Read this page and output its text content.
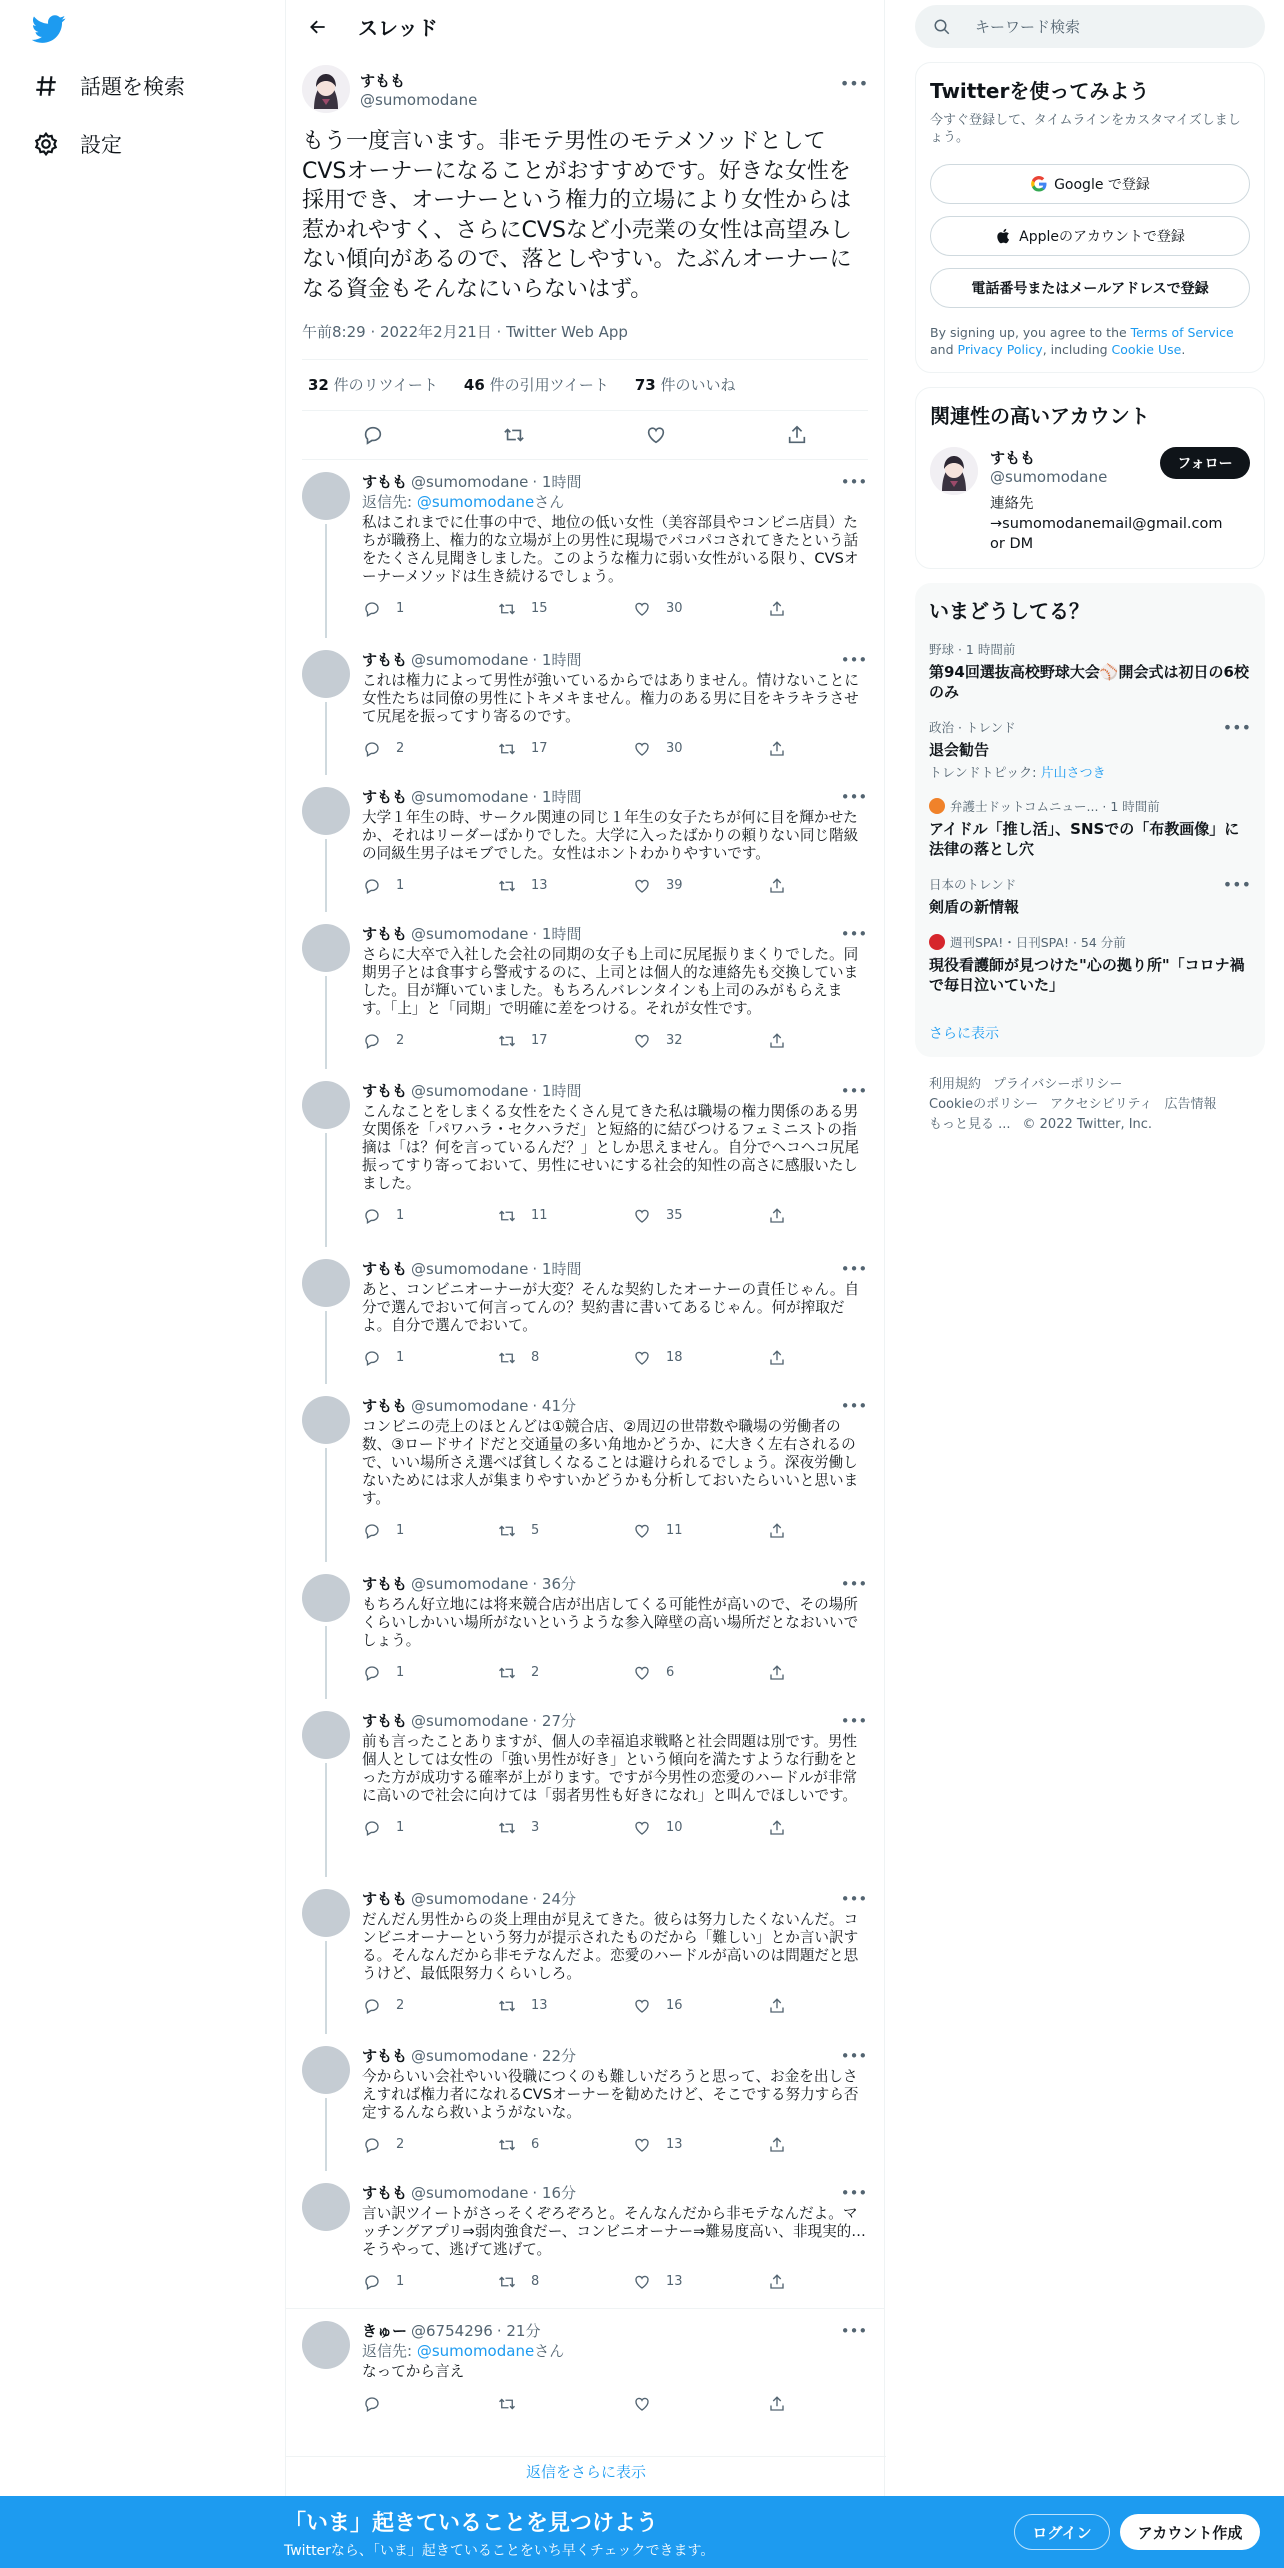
話題を検索
設定
スレッド
すもも
@sumomodane
•••
もう一度言います。非モテ男性のモテメソッドとしてCVSオーナーになることがおすすめです。好きな女性を採用でき、オーナーという権力的立場により女性からは惹かれやすく、さらにCVSなど小売業の女性は高望みしない傾向があるので、落としやすい。たぶんオーナーになる資金もそんなにいらないはず。
午前8:29 · 2022年2月21日 · Twitter Web App
32 件のリツイート 46 件の引用ツイート 73 件のいいね
すもも @sumomodane · 1時間	•••
返信先: @sumomodaneさん
私はこれまでに仕事の中で、地位の低い女性（美容部員やコンビニ店員）たちが職務上、権力的な立場が上の男性に現場でパコパコされてきたという話をたくさん見聞きしました。このような権力に弱い女性がいる限り、CVSオーナーメソッドは生き続けるでしょう。
1	15	30
すもも @sumomodane · 1時間	•••
これは権力によって男性が強いているからではありません。情けないことに女性たちは同僚の男性にトキメキません。権力のある男に目をキラキラさせて尻尾を振ってすり寄るのです。
2	17	30
すもも @sumomodane · 1時間	•••
大学１年生の時、サークル関連の同じ１年生の女子たちが何に目を輝かせたか、それはリーダーばかりでした。大学に入ったばかりの頼りない同じ階級の同級生男子はモブでした。女性はホントわかりやすいです。
1	13	39
すもも @sumomodane · 1時間	•••
さらに大卒で入社した会社の同期の女子も上司に尻尾振りまくりでした。同期男子とは食事すら警戒するのに、上司とは個人的な連絡先も交換していました。目が輝いていました。もちろんバレンタインも上司のみがもらえます。「上」と「同期」で明確に差をつける。それが女性です。
2	17	32
すもも @sumomodane · 1時間	•••
こんなことをしまくる女性をたくさん見てきた私は職場の権力関係のある男女関係を「パワハラ・セクハラだ」と短絡的に結びつけるフェミニストの指摘は「は？何を言っているんだ？」としか思えません。自分でヘコヘコ尻尾振ってすり寄っておいて、男性にせいにする社会的知性の高さに感服いたしました。
1	11	35
すもも @sumomodane · 1時間	•••
あと、コンビニオーナーが大変？そんな契約したオーナーの責任じゃん。自分で選んでおいて何言ってんの？契約書に書いてあるじゃん。何が搾取だよ。自分で選んでおいて。
1	8	18
すもも @sumomodane · 41分	•••
コンビニの売上のほとんどは①競合店、②周辺の世帯数や職場の労働者の数、③ロードサイドだと交通量の多い角地かどうか、に大きく左右されるので、いい場所さえ選べば貧しくなることは避けられるでしょう。深夜労働しないためには求人が集まりやすいかどうかも分析しておいたらいいと思います。
1	5	11
すもも @sumomodane · 36分	•••
もちろん好立地には将来競合店が出店してくる可能性が高いので、その場所くらいしかいい場所がないというような参入障壁の高い場所だとなおいいでしょう。
1	2	6
すもも @sumomodane · 27分	•••
前も言ったことありますが、個人の幸福追求戦略と社会問題は別です。男性個人としては女性の「強い男性が好き」という傾向を満たすような行動をとった方が成功する確率が上がります。ですが今男性の恋愛のハードルが非常に高いので社会に向けては「弱者男性も好きになれ」と叫んでほしいです。
1	3	10
すもも @sumomodane · 24分	•••
だんだん男性からの炎上理由が見えてきた。彼らは努力したくないんだ。コンビニオーナーという努力が提示されたものだから「難しい」とか言い訳する。そんなんだから非モテなんだよ。恋愛のハードルが高いのは問題だと思うけど、最低限努力くらいしろ。
2	13	16
すもも @sumomodane · 22分	•••
今からいい会社やいい役職につくのも難しいだろうと思って、お金を出しさえすれば権力者になれるCVSオーナーを勧めたけど、そこでする努力すら否定するんなら救いようがないな。
2	6	13
すもも @sumomodane · 16分	•••
言い訳ツイートがさっそくぞろぞろと。そんなんだから非モテなんだよ。マッチングアプリ⇒弱肉強食だー、コンビニオーナー⇒難易度高い、非現実的…そうやって、逃げて逃げて。
1	8	13
きゅー @6754296 · 21分	•••
返信先: @sumomodaneさん
なってから言え
返信をさらに表示
キーワード検索
Twitterを使ってみよう
今すぐ登録して、タイムラインをカスタマイズしましょう。
Google で登録
Appleのアカウントで登録
電話番号またはメールアドレスで登録
By signing up, you agree to the Terms of Service and Privacy Policy, including Cookie Use.
関連性の高いアカウント
すもも
@sumomodane
連絡先→sumomodanemail@gmail.com or DM
フォロー
いまどうしてる？
野球 · 1 時間前
第94回選抜高校野球大会⚾開会式は初日の6校のみ
政治 · トレンド
退会勧告
トレンドトピック: 片山さつき
•••
弁護士ドットコムニュー... · 1 時間前
アイドル「推し活」、SNSでの「布教画像」に法律の落とし穴
日本のトレンド
剣盾の新情報
•••
週刊SPA!・日刊SPA! · 54 分前
現役看護師が見つけた"心の拠り所"「コロナ禍で毎日泣いていた」
さらに表示
利用規約 プライバシーポリシー
Cookieのポリシー アクセシビリティ 広告情報
もっと見る ... © 2022 Twitter, Inc.
「いま」起きていることを見つけよう
Twitterなら、「いま」起きていることをいち早くチェックできます。
ログイン	アカウント作成
